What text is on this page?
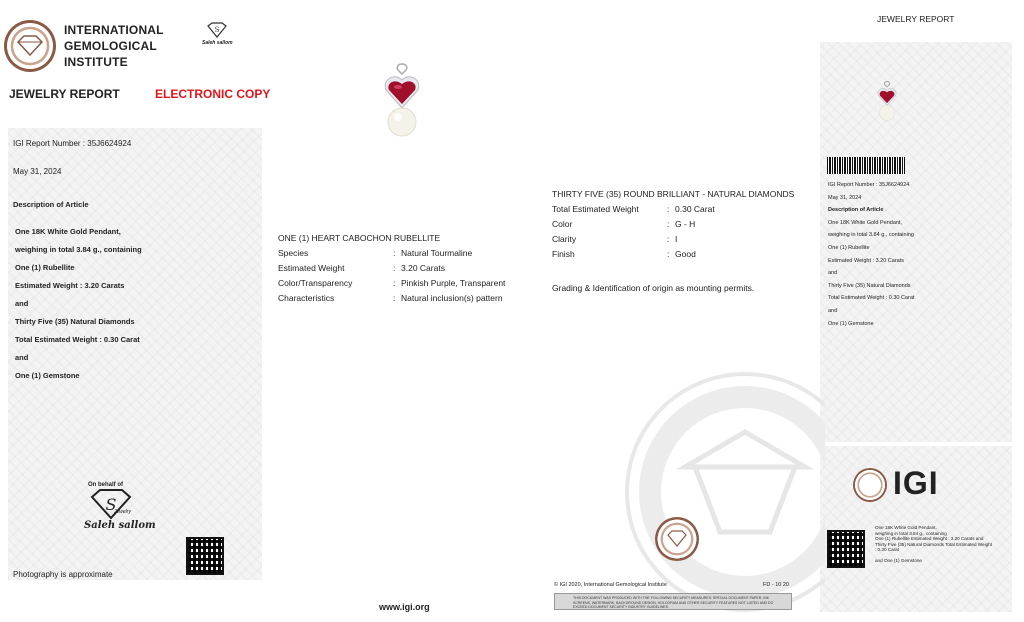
INTERNATIONAL
GEMOLOGICAL
INSTITUTE
S
Saleh sallom
JEWELRY REPORT	ELECTRONIC COPY
JEWELRY REPORT
IGI Report Number : 35J6624924
May 31, 2024
Description of Article
One 18K White Gold Pendant,
weighing in total 3.84 g., containing
One (1) Rubellite
Estimated Weight : 3.20 Carats
and
Thirty Five (35) Natural Diamonds
Total Estimated Weight : 0.30 Carat
and
One (1) Gemstone
On behalf of
S
Jewelry
Saleh sallom
Photography is approximate
ONE (1) HEART CABOCHON RUBELLITE
Species	: Natural Tourmaline
Estimated Weight	: 3.20 Carats
Color/Transparency	: Pinkish Purple, Transparent
Characteristics	: Natural inclusion(s) pattern
THIRTY FIVE (35) ROUND BRILLIANT - NATURAL DIAMONDS
Total Estimated Weight	: 0.30 Carat
Color	: G - H
Clarity	: I
Finish	: Good
Grading & Identification of origin as mounting permits.
© IGI 2020, International Gemological Institute	FD - 10 20
THIS DOCUMENT WAS PRODUCED WITH THE FOLLOWING SECURITY MEASURES: SPECIAL DOCUMENT PAPER, INK SCREENS, WATERMARK, BACKGROUND DESIGN, HOLOGRAM AND OTHER SECURITY FEATURES NOT LISTED AND DO EXCEED DOCUMENT SECURITY INDUSTRY GUIDELINES.
www.igi.org
IGI Report Number : 35J6624924
May 31, 2024
Description of Article
One 18K White Gold Pendant,
weighing in total 3.84 g., containing
One (1) Rubellite
Estimated Weight : 3.20 Carats
and
Thirty Five (35) Natural Diamonds
Total Estimated Weight : 0.30 Carat
and
One (1) Gemstone
IGI
One 18K White Gold Pendant,
weighing in total 3.84 g., containing
One (1) Rubellite Estimated Weight : 3.20 Carats and
Thirty Five (35) Natural Diamonds Total Estimated Weight
: 0.30 Carat
and One (1) Gemstone
